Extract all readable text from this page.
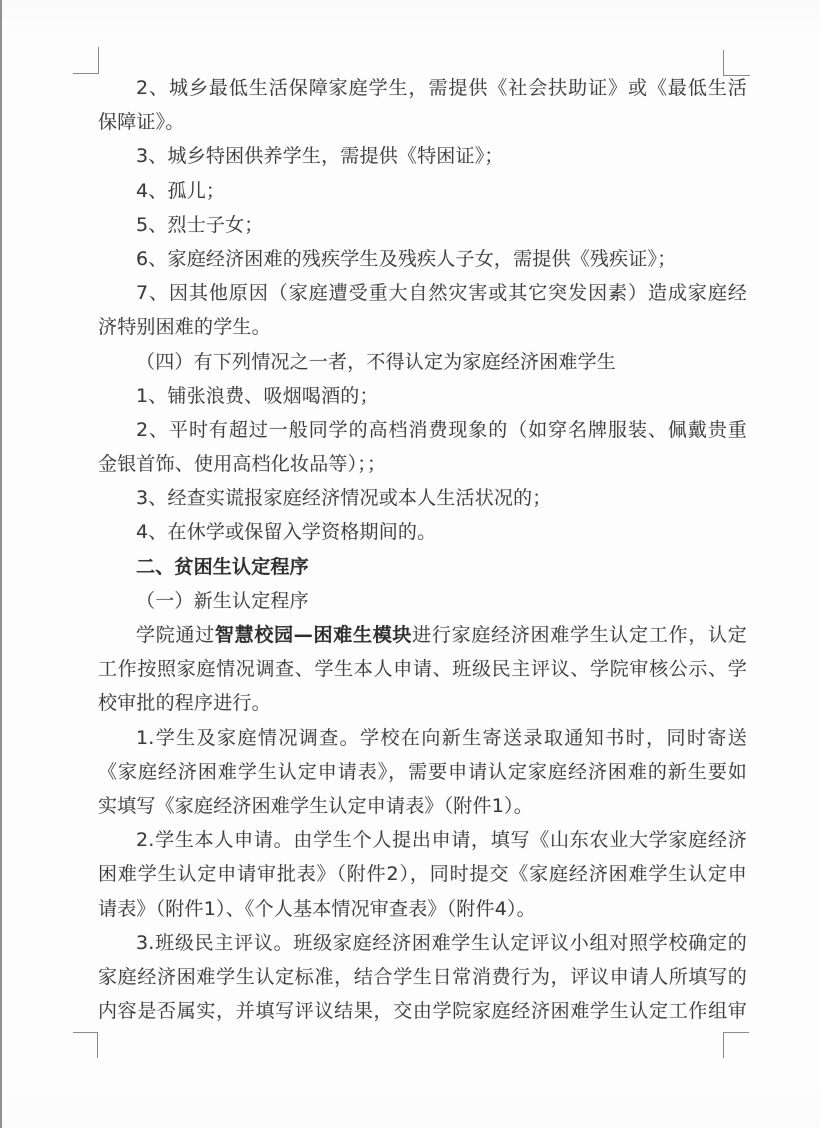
2、城乡最低生活保障家庭学生，需提供《社会扶助证》或《最低生活
保障证》。
3、城乡特困供养学生，需提供《特困证》；
4、孤儿；
5、烈士子女；
6、家庭经济困难的残疾学生及残疾人子女，需提供《残疾证》；
7、因其他原因（家庭遭受重大自然灾害或其它突发因素）造成家庭经
济特别困难的学生。
（四）有下列情况之一者，不得认定为家庭经济困难学生
1、铺张浪费、吸烟喝酒的；
2、平时有超过一般同学的高档消费现象的（如穿名牌服装、佩戴贵重
金银首饰、使用高档化妆品等）；；
3、经查实谎报家庭经济情况或本人生活状况的；
4、在休学或保留入学资格期间的。
二、贫困生认定程序
（一）新生认定程序
学院通过智慧校园—困难生模块进行家庭经济困难学生认定工作，认定
工作按照家庭情况调查、学生本人申请、班级民主评议、学院审核公示、学
校审批的程序进行。
1.学生及家庭情况调查。学校在向新生寄送录取通知书时，同时寄送
《家庭经济困难学生认定申请表》，需要申请认定家庭经济困难的新生要如
实填写《家庭经济困难学生认定申请表》（附件1）。
2.学生本人申请。由学生个人提出申请，填写《山东农业大学家庭经济
困难学生认定申请审批表》（附件2），同时提交《家庭经济困难学生认定申
请表》（附件1）、《个人基本情况审查表》（附件4）。
3.班级民主评议。班级家庭经济困难学生认定评议小组对照学校确定的
家庭经济困难学生认定标准，结合学生日常消费行为，评议申请人所填写的
内容是否属实，并填写评议结果，交由学院家庭经济困难学生认定工作组审
